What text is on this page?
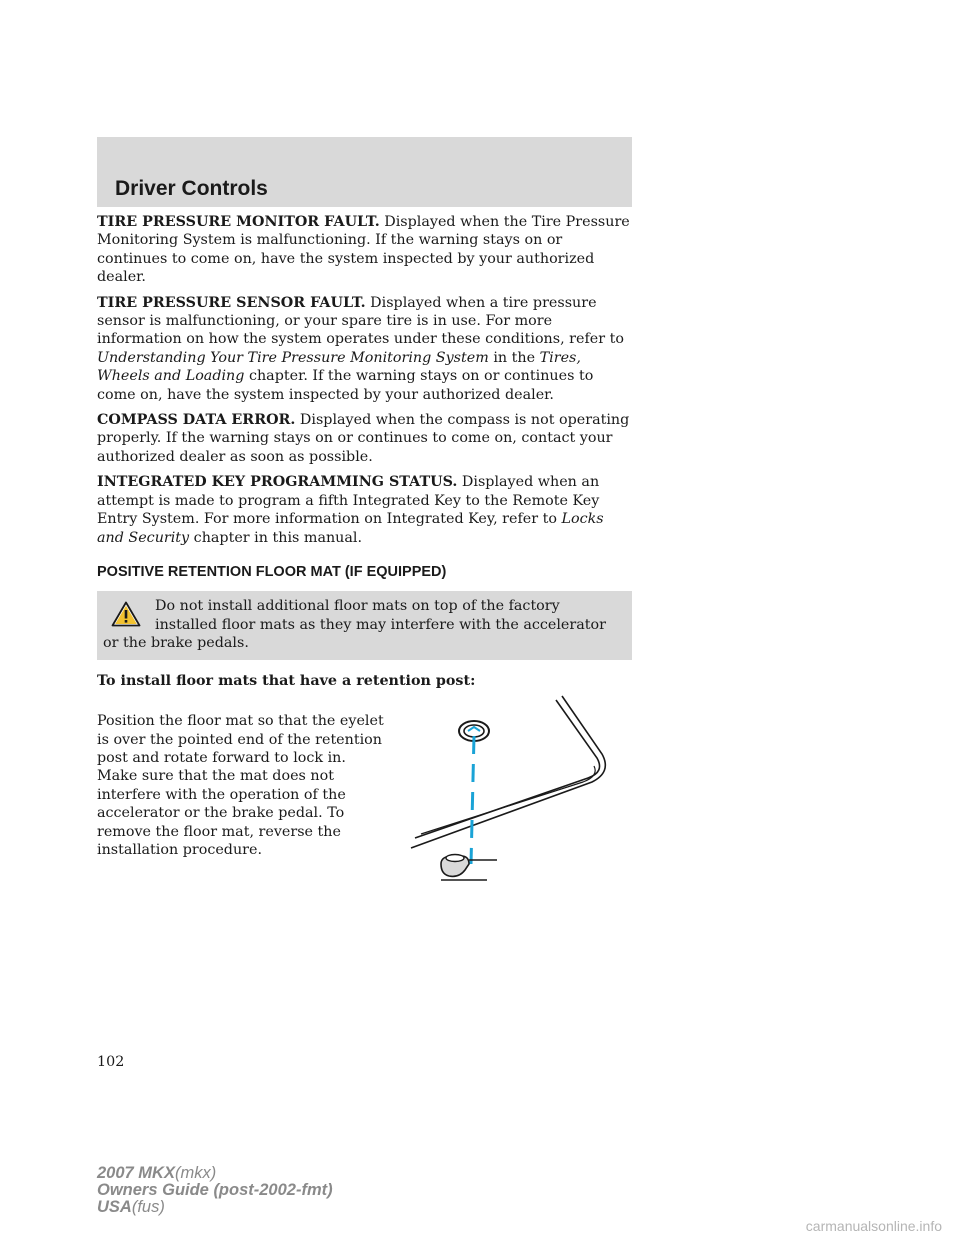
Driver Controls

TIRE PRESSURE MONITOR FAULT. Displayed when the Tire Pressure Monitoring System is malfunctioning. If the warning stays on or continues to come on, have the system inspected by your authorized dealer.

TIRE PRESSURE SENSOR FAULT. Displayed when a tire pressure sensor is malfunctioning, or your spare tire is in use. For more information on how the system operates under these conditions, refer to Understanding Your Tire Pressure Monitoring System in the Tires, Wheels and Loading chapter. If the warning stays on or continues to come on, have the system inspected by your authorized dealer.

COMPASS DATA ERROR. Displayed when the compass is not operating properly. If the warning stays on or continues to come on, contact your authorized dealer as soon as possible.

INTEGRATED KEY PROGRAMMING STATUS. Displayed when an attempt is made to program a fifth Integrated Key to the Remote Key Entry System. For more information on Integrated Key, refer to Locks and Security chapter in this manual.

POSITIVE RETENTION FLOOR MAT (IF EQUIPPED)
Do not install additional floor mats on top of the factory installed floor mats as they may interfere with the accelerator or the brake pedals.

To install floor mats that have a retention post:

Position the floor mat so that the eyelet is over the pointed end of the retention post and rotate forward to lock in. Make sure that the mat does not interfere with the operation of the accelerator or the brake pedal. To remove the floor mat, reverse the installation procedure.

102
2007 MKX(mkx)
Owners Guide (post-2002-fmt)
USA(fus)
carmanualsonline.info
